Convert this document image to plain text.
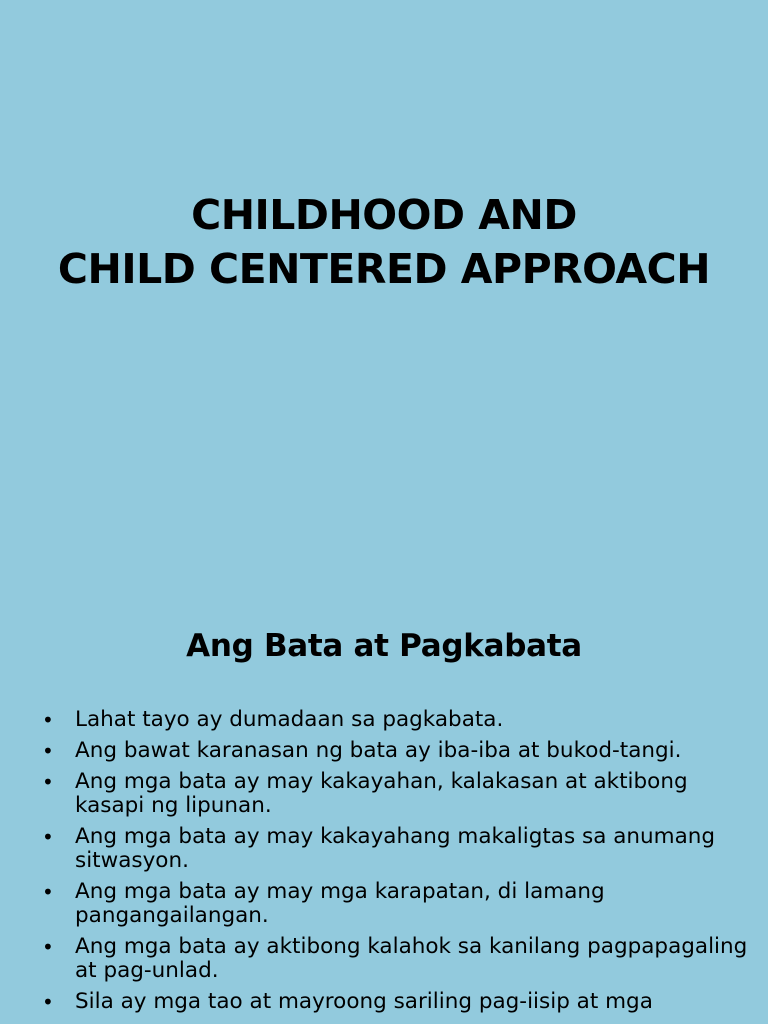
CHILDHOOD AND
CHILD CENTERED APPROACH
Ang Bata at Pagkabata
• Lahat tayo ay dumadaan sa pagkabata.
• Ang bawat karanasan ng bata ay iba-iba at bukod-tangi.
• Ang mga bata ay may kakayahan, kalakasan at aktibong kasapi ng lipunan.
• Ang mga bata ay may kakayahang makaligtas sa anumang sitwasyon.
• Ang mga bata ay may mga karapatan, di lamang pangangailangan.
• Ang mga bata ay aktibong kalahok sa kanilang pagpapagaling at pag-unlad.
• Sila ay mga tao at mayroong sariling pag-iisip at mga
